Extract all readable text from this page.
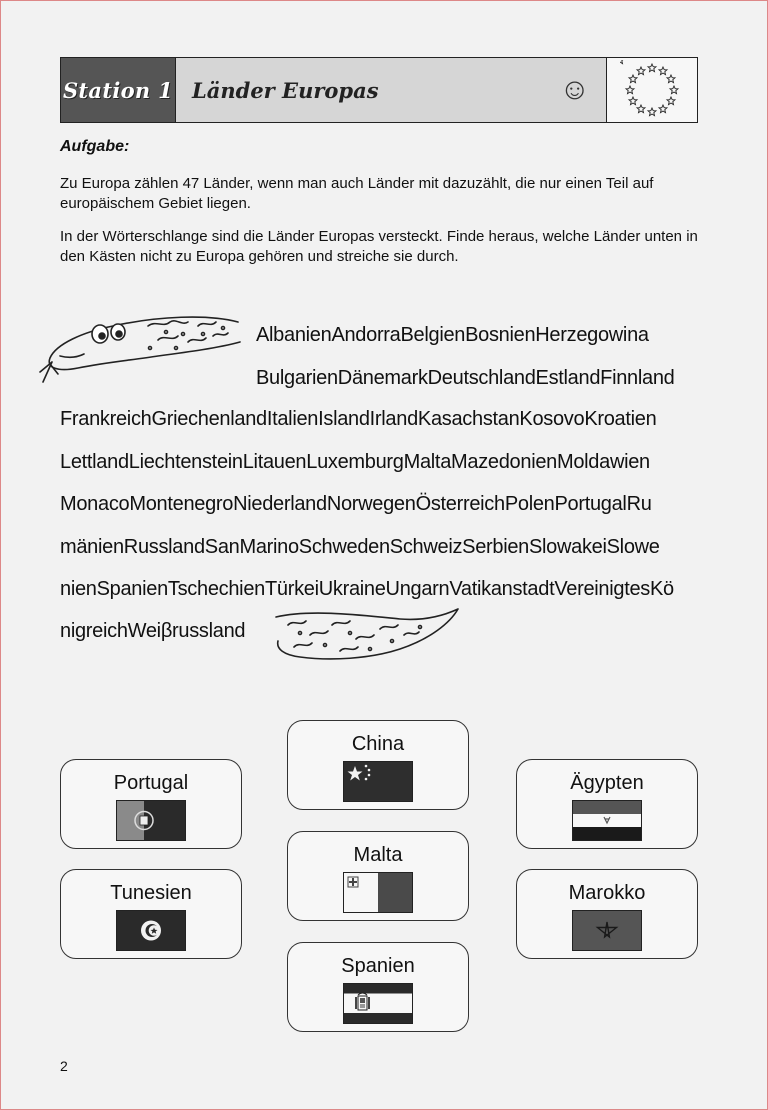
Station 1 Länder Europas	☺
Aufgabe:

Zu Europa zählen 47 Länder, wenn man auch Länder mit dazuzählt, die nur einen Teil auf europäischem Gebiet liegen.

In der Wörterschlange sind die Länder Europas versteckt. Finde heraus, welche Länder unten in den Kästen nicht zu Europa gehören und streiche sie durch.

AlbanienAndorraBelgienBosnienHerzegowina
BulgarienDänemarkDeutschlandEstlandFinnland
FrankreichGriechenlandItalienIslandIrlandKasachstanKosovoKroatien
LettlandLiechtensteinLitauenLuxemburgMaltaMazedonienMoldawien
MonacoMontenegroNiederlandNorwegenÖsterreichPolenPortugalRu
mänienRusslandSanMarinoSchwedenSchweizSerbienSlowakeiSlowe
nienSpanienTschechienTürkeiUkraineUngarnVatikanstadtVereinigtesKö
nigreichWeiβrussland
Portugal
Tunesien
China
Malta
Spanien
Ägypten
Marokko
2
